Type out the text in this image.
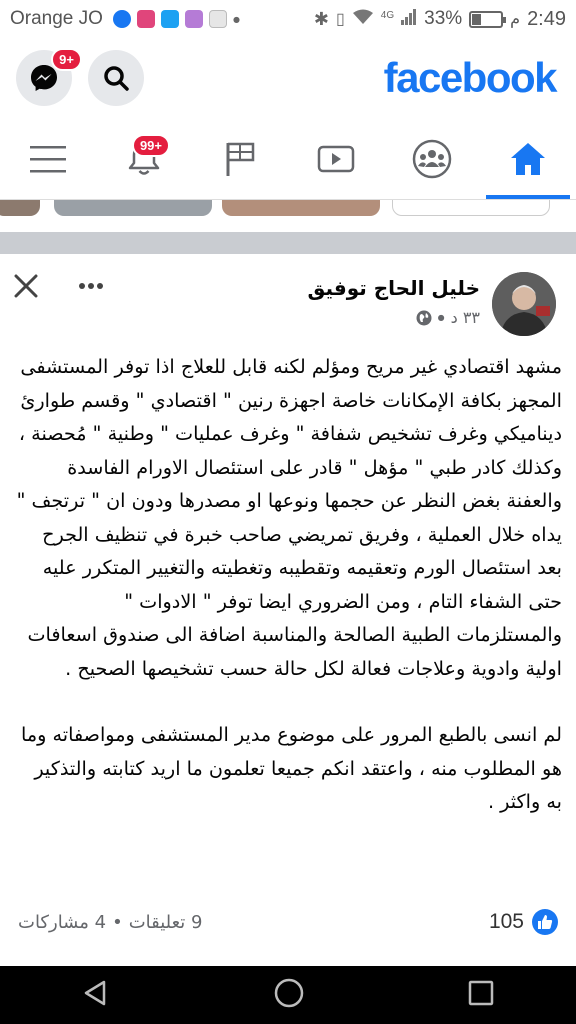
Orange JO	●	✱ ▯	4G 33%	م 2:49
9+	facebook
99+
خليل الحاج توفيق
٣٣ د
●

مشهد اقتصادي غير مريح ومؤلم لكنه قابل للعلاج اذا توفر المستشفى المجهز بكافة الإمكانات خاصة اجهزة رنين " اقتصادي " وقسم طوارئ ديناميكي وغرف تشخيص شفافة " وغرف عمليات " وطنية " مُحصنة ، وكذلك كادر طبي " مؤهل " قادر على استئصال الاورام الفاسدة والعفنة بغض النظر عن حجمها ونوعها او مصدرها ودون ان " ترتجف " يداه خلال العملية ، وفريق تمريضي صاحب خبرة في تنظيف الجرح بعد استئصال الورم وتعقيمه وتقطيبه وتغطيته والتغيير المتكرر عليه حتى الشفاء التام ، ومن الضروري ايضا توفر " الادوات " والمستلزمات الطبية الصالحة والمناسبة اضافة الى صندوق اسعافات اولية وادوية وعلاجات فعالة لكل حالة حسب تشخيصها الصحيح .

لم انسى بالطبع المرور على موضوع مدير المستشفى ومواصفاته وما هو المطلوب منه ، واعتقد انكم جميعا تعلمون ما اريد كتابته والتذكير به واكثر .

9 تعليقات
•
4 مشاركات	105
